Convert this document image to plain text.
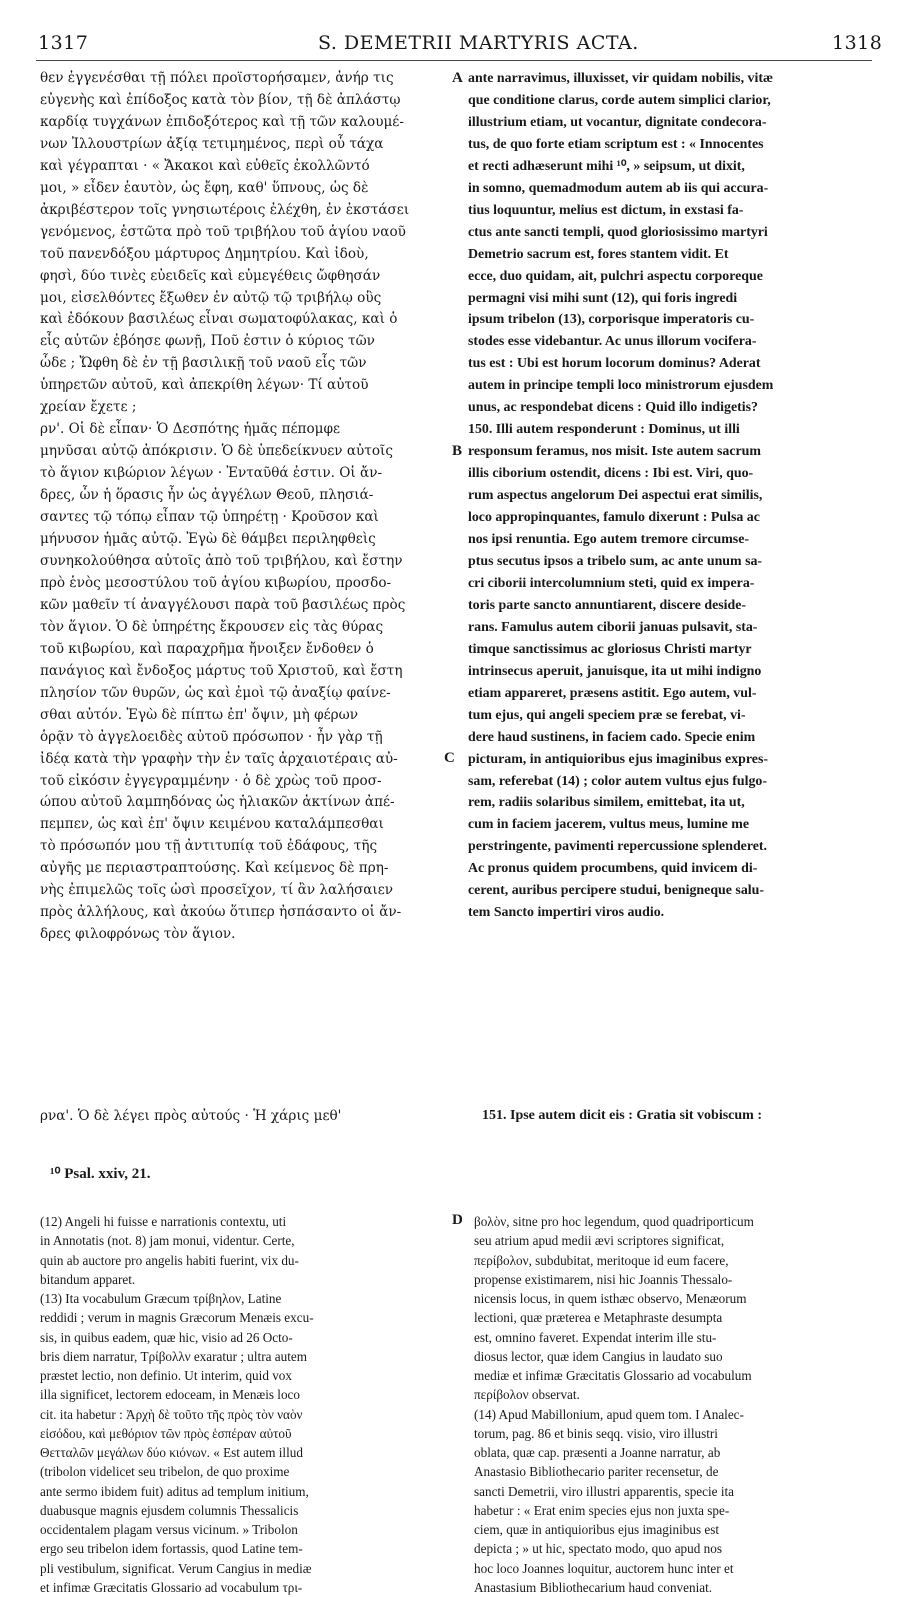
1317	S. DEMETRII MARTYRIS ACTA.	1318
θεν ἐγγενέσθαι τῇ πόλει προϊστορήσαμεν, ἀνήρ τις
εὐγενὴς καὶ ἐπίδοξος κατὰ τὸν βίον, τῇ δὲ ἀπλάστῳ
καρδίᾳ τυγχάνων ἐπιδοξότερος καὶ τῇ τῶν καλουμέ-
νων Ἰλλουστρίων ἀξίᾳ τετιμημένος, περὶ οὗ τάχα
καὶ γέγραπται · « Ἄκακοι καὶ εὐθεῖς ἐκολλῶντό
μοι, » εἶδεν ἑαυτὸν, ὡς ἔφη, καθ' ὕπνους, ὡς δὲ
ἀκριβέστερον τοῖς γνησιωτέροις ἐλέχθη, ἐν ἐκστάσει
γενόμενος, ἑστῶτα πρὸ τοῦ τριβήλου τοῦ ἁγίου ναοῦ
τοῦ πανενδόξου μάρτυρος Δημητρίου. Καὶ ἰδοὺ,
φησὶ, δύο τινὲς εὐειδεῖς καὶ εὐμεγέθεις ὤφθησάν
μοι, εἰσελθόντες ἔξωθεν ἐν αὐτῷ τῷ τριβήλῳ οὓς
καὶ ἐδόκουν βασιλέως εἶναι σωματοφύλακας, καὶ ὁ
εἷς αὐτῶν ἐβόησε φωνῇ, Ποῦ ἐστιν ὁ κύριος τῶν
ὧδε ; Ὤφθη δὲ ἐν τῇ βασιλικῇ τοῦ ναοῦ εἷς τῶν
ὑπηρετῶν αὐτοῦ, καὶ ἀπεκρίθη λέγων· Τί αὐτοῦ
χρείαν ἔχετε ;
ρν'. Οἱ δὲ εἶπαν· Ὁ Δεσπότης ἡμᾶς πέπομφε
μηνῦσαι αὐτῷ ἀπόκρισιν. Ὁ δὲ ὑπεδείκνυεν αὐτοῖς
τὸ ἅγιον κιβώριον λέγων · Ἐνταῦθά ἐστιν. Οἱ ἄν-
δρες, ὧν ἡ ὅρασις ἦν ὡς ἀγγέλων Θεοῦ, πλησιά-
σαντες τῷ τόπῳ εἶπαν τῷ ὑπηρέτῃ · Κροῦσον καὶ
μήνυσον ἡμᾶς αὐτῷ. Ἐγὼ δὲ θάμβει περιληφθεὶς
συνηκολούθησα αὐτοῖς ἀπὸ τοῦ τριβήλου, καὶ ἔστην
πρὸ ἑνὸς μεσοστύλου τοῦ ἁγίου κιβωρίου, προσδο-
κῶν μαθεῖν τί ἀναγγέλουσι παρὰ τοῦ βασιλέως πρὸς
τὸν ἅγιον. Ὁ δὲ ὑπηρέτης ἔκρουσεν εἰς τὰς θύρας
τοῦ κιβωρίου, καὶ παραχρῆμα ἤνοιξεν ἔνδοθεν ὁ
πανάγιος καὶ ἔνδοξος μάρτυς τοῦ Χριστοῦ, καὶ ἔστη
πλησίον τῶν θυρῶν, ὡς καὶ ἐμοὶ τῷ ἀναξίῳ φαίνε-
σθαι αὐτόν. Ἐγὼ δὲ πίπτω ἐπ' ὄψιν, μὴ φέρων
ὁρᾷν τὸ ἀγγελοειδὲς αὐτοῦ πρόσωπον · ἦν γὰρ τῇ
ἰδέᾳ κατὰ τὴν γραφὴν τὴν ἐν ταῖς ἀρχαιοτέραις αὐ-
τοῦ εἰκόσιν ἐγγεγραμμένην · ὁ δὲ χρὼς τοῦ προσ-
ώπου αὐτοῦ λαμπηδόνας ὡς ἡλιακῶν ἀκτίνων ἀπέ-
πεμπεν, ὡς καὶ ἐπ' ὄψιν κειμένου καταλάμπεσθαι
τὸ πρόσωπόν μου τῇ ἀντιτυπίᾳ τοῦ ἐδάφους, τῆς
αὐγῆς με περιαστραπτούσης. Καὶ κείμενος δὲ πρη-
νὴς ἐπιμελῶς τοῖς ὠσὶ προσεῖχον, τί ἂν λαλήσαιεν
πρὸς ἀλλήλους, καὶ ἀκούω ὅτιπερ ἠσπάσαντο οἱ ἄν-
δρες φιλοφρόνως τὸν ἅγιον.
ante narravimus, illuxisset, vir quidam nobilis, vitæ
que conditione clarus, corde autem simplici clarior,
illustrium etiam, ut vocantur, dignitate condecora-
tus, de quo forte etiam scriptum est : « Innocentes
et recti adhæserunt mihi ¹⁰, » seipsum, ut dixit,
in somno, quemadmodum autem ab iis qui accura-
tius loquuntur, melius est dictum, in exstasi fa-
ctus ante sancti templi, quod gloriosissimo martyri
Demetrio sacrum est, fores stantem vidit. Et
ecce, duo quidam, ait, pulchri aspectu corporeque
permagni visi mihi sunt (12), qui foris ingredi
ipsum tribelon (13), corporisque imperatoris cu-
stodes esse videbantur. Ac unus illorum vocifera-
tus est : Ubi est horum locorum dominus? Aderat
autem in principe templi loco ministrorum ejusdem
unus, ac respondebat dicens : Quid illo indigetis?
150. Illi autem responderunt : Dominus, ut illi
responsum feramus, nos misit. Iste autem sacrum
illis ciborium ostendit, dicens : Ibi est. Viri, quo-
rum aspectus angelorum Dei aspectui erat similis,
loco appropinquantes, famulo dixerunt : Pulsa ac
nos ipsi renuntia. Ego autem tremore circumse-
ptus secutus ipsos a tribelo sum, ac ante unum sa-
cri ciborii intercolumnium steti, quid ex impera-
toris parte sancto annuntiarent, discere deside-
rans. Famulus autem ciborii januas pulsavit, sta-
timque sanctissimus ac gloriosus Christi martyr
intrinsecus aperuit, januisque, ita ut mihi indigno
etiam appareret, præsens astitit. Ego autem, vul-
tum ejus, qui angeli speciem præ se ferebat, vi-
dere haud sustinens, in faciem cado. Specie enim
picturam, in antiquioribus ejus imaginibus expres-
sam, referebat (14) ; color autem vultus ejus fulgo-
rem, radiis solaribus similem, emittebat, ita ut,
cum in faciem jacerem, vultus meus, lumine me
perstringente, pavimenti repercussione splenderet.
Ac pronus quidem procumbens, quid invicem di-
cerent, auribus percipere studui, benigneque salu-
tem Sancto impertiri viros audio.
ρνα'. Ὁ δὲ λέγει πρὸς αὐτούς · Ἡ χάρις μεθ'	151. Ipse autem dicit eis : Gratia sit vobiscum :
A
B
C
D
¹⁰ Psal. xxiv, 21.
(12) Angeli hi fuisse e narrationis contextu, uti
in Annotatis (not. 8) jam monui, videntur. Certe,
quin ab auctore pro angelis habiti fuerint, vix du-
bitandum apparet.
(13) Ita vocabulum Græcum τρίβηλον, Latine
reddidi ; verum in magnis Græcorum Menæis excu-
sis, in quibus eadem, quæ hic, visio ad 26 Octo-
bris diem narratur, Τρίβολλν exaratur ; ultra autem
præstet lectio, non definio. Ut interim, quid vox
illa significet, lectorem edoceam, in Menæis loco
cit. ita habetur : Ἀρχὴ δὲ τοῦτο τῆς πρὸς τὸν ναὸν
εἰσόδου, καὶ μεθόριον τῶν πρὸς ἑσπέραν αὐτοῦ
Θετταλῶν μεγάλων δύο κιόνων. « Est autem illud
(tribolon videlicet seu tribelon, de quo proxime
ante sermo ibidem fuit) aditus ad templum initium,
duabusque magnis ejusdem columnis Thessalicis
occidentalem plagam versus vicinum. » Tribolon
ergo seu tribelon idem fortassis, quod Latine tem-
pli vestibulum, significat. Verum Cangius in mediæ
et infimæ Græcitatis Glossario ad vocabulum τρι-
βολὸν, sitne pro hoc legendum, quod quadriporticum
seu atrium apud medii ævi scriptores significat,
περίβολον, subdubitat, meritoque id eum facere,
propense existimarem, nisi hic Joannis Thessalo-
nicensis locus, in quem isthæc observo, Menæorum
lectioni, quæ præterea e Metaphraste desumpta
est, omnino faveret. Expendat interim ille stu-
diosus lector, quæ idem Cangius in laudato suo
mediæ et infimæ Græcitatis Glossario ad vocabulum
περίβολον observat.
(14) Apud Mabillonium, apud quem tom. I Analec-
torum, pag. 86 et binis seqq. visio, viro illustri
oblata, quæ cap. præsenti a Joanne narratur, ab
Anastasio Bibliothecario pariter recensetur, de
sancti Demetrii, viro illustri apparentis, specie ita
habetur : « Erat enim species ejus non juxta spe-
ciem, quæ in antiquioribus ejus imaginibus est
depicta ; » ut hic, spectato modo, quo apud nos
hoc loco Joannes loquitur, auctorem hunc inter et
Anastasium Bibliothecarium haud conveniat.
